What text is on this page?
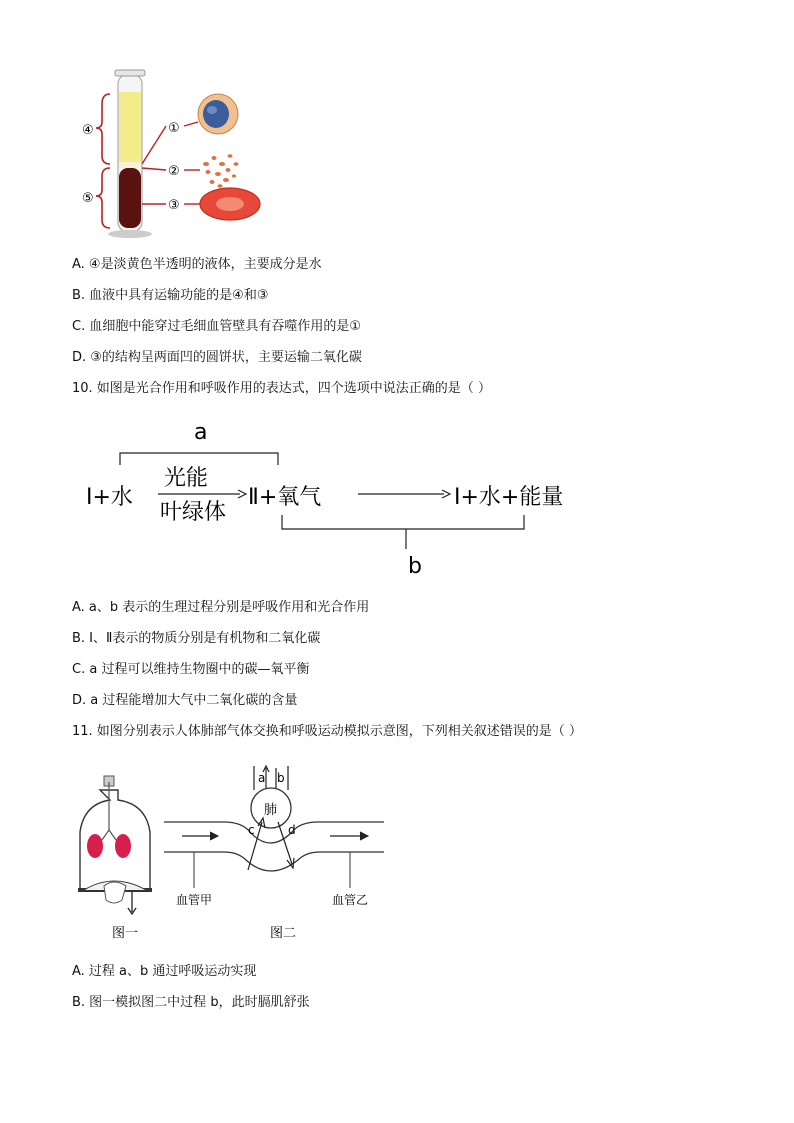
④
⑤
①
②
③
A. ④是淡黄色半透明的液体，主要成分是水
B. 血液中具有运输功能的是④和③
C. 血细胞中能穿过毛细血管壁具有吞噬作用的是①
D. ③的结构呈两面凹的圆饼状，主要运输二氧化碳
10. 如图是光合作用和呼吸作用的表达式，四个选项中说法正确的是（ ）
a
Ⅰ+水
光能
叶绿体
Ⅱ+氧气	Ⅰ+水+能量
b
A. a、b 表示的生理过程分别是呼吸作用和光合作用
B. Ⅰ、Ⅱ表示的物质分别是有机物和二氧化碳
C. a 过程可以维持生物圈中的碳—氧平衡
D. a 过程能增加大气中二氧化碳的含量
11. 如图分别表示人体肺部气体交换和呼吸运动模拟示意图，下列相关叙述错误的是（ ）
图一
a b
肺
c	d
血管甲	血管乙
图二
A. 过程 a、b 通过呼吸运动实现
B. 图一模拟图二中过程 b，此时膈肌舒张
